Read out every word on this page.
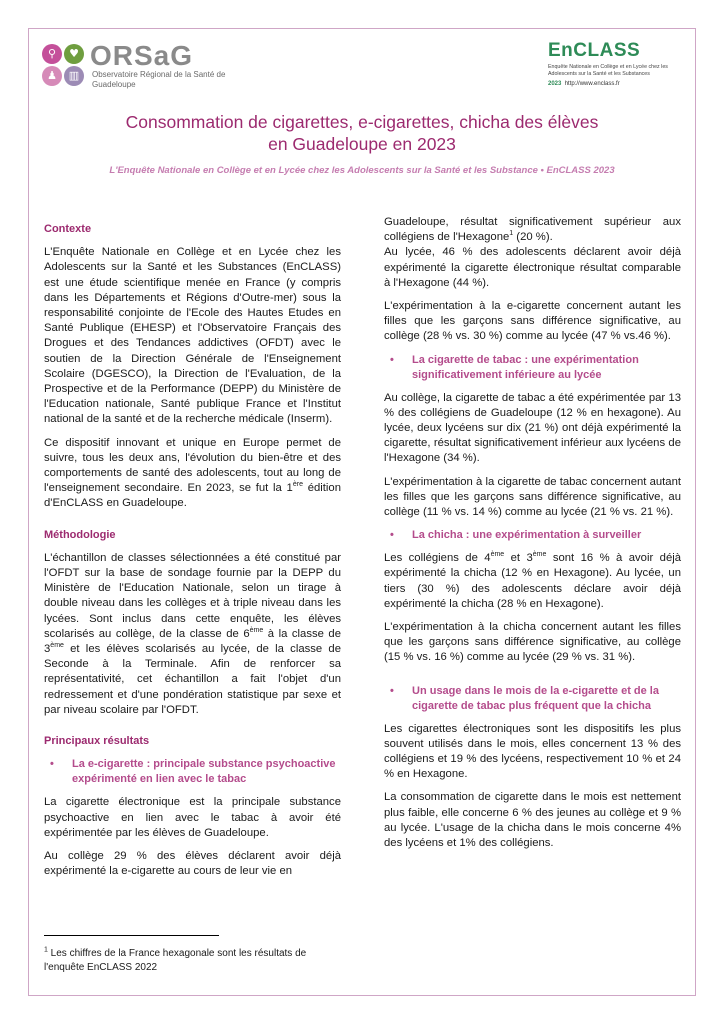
⚲	♥
♟	▥
ORSaG
Observatoire Régional de la Santé de Guadeloupe
EnCLASS
Enquête Nationale en Collège et en Lycée chez les Adolescents sur la Santé et les Substances
2023 http://www.enclass.fr
Consommation de cigarettes, e-cigarettes, chicha des élèves
en Guadeloupe en 2023
L'Enquête Nationale en Collège et en Lycée chez les Adolescents sur la Santé et les Substance • EnCLASS 2023
Contexte

L'Enquête Nationale en Collège et en Lycée chez les Adolescents sur la Santé et les Substances (EnCLASS) est une étude scientifique menée en France (y compris dans les Départements et Régions d'Outre-mer) sous la responsabilité conjointe de l'Ecole des Hautes Etudes en Santé Publique (EHESP) et l'Observatoire Français des Drogues et des Tendances addictives (OFDT) avec le soutien de la Direction Générale de l'Enseignement Scolaire (DGESCO), la Direction de l'Evaluation, de la Prospective et de la Performance (DEPP) du Ministère de l'Education nationale, Santé publique France et l'Institut national de la santé et de la recherche médicale (Inserm).

Ce dispositif innovant et unique en Europe permet de suivre, tous les deux ans, l'évolution du bien-être et des comportements de santé des adolescents, tout au long de l'enseignement secondaire. En 2023, se fut la 1ère édition d'EnCLASS en Guadeloupe.

Méthodologie

L'échantillon de classes sélectionnées a été constitué par l'OFDT sur la base de sondage fournie par la DEPP du Ministère de l'Education Nationale, selon un tirage à double niveau dans les collèges et à triple niveau dans les lycées. Sont inclus dans cette enquête, les élèves scolarisés au collège, de la classe de 6ème à la classe de 3ème et les élèves scolarisés au lycée, de la classe de Seconde à la Terminale. Afin de renforcer sa représentativité, cet échantillon a fait l'objet d'un redressement et d'une pondération statistique par sexe et par niveau scolaire par l'OFDT.

Principaux résultats
•	La e-cigarette : principale substance psychoactive expérimenté en lien avec le tabac

La cigarette électronique est la principale substance psychoactive en lien avec le tabac à avoir été expérimentée par les élèves de Guadeloupe.

Au collège 29 % des élèves déclarent avoir déjà expérimenté la e-cigarette au cours de leur vie en

Guadeloupe, résultat significativement supérieur aux collégiens de l'Hexagone$^1$ (20 %).

Au lycée, 46 % des adolescents déclarent avoir déjà expérimenté la cigarette électronique résultat comparable à l'Hexagone (44 %).

L'expérimentation à la e-cigarette concernent autant les filles que les garçons sans différence significative, au collège (28 % vs. 30 %) comme au lycée (47 % vs.46 %).

•	La cigarette de tabac : une expérimentation significativement inférieure au lycée

Au collège, la cigarette de tabac a été expérimentée par 13 % des collégiens de Guadeloupe (12 % en hexagone). Au lycée, deux lycéens sur dix (21 %) ont déjà expérimenté la cigarette, résultat significativement inférieur aux lycéens de l'Hexagone (34 %).

L'expérimentation à la cigarette de tabac concernent autant les filles que les garçons sans différence significative, au collège (11 % vs. 14 %) comme au lycée (21 % vs. 21 %).

•	La chicha : une expérimentation à surveiller

Les collégiens de 4ème et 3ème sont 16 % à avoir déjà expérimenté la chicha (12 % en Hexagone). Au lycée, un tiers (30 %) des adolescents déclare avoir déjà expérimenté la chicha (28 % en Hexagone).

L'expérimentation à la chicha concernent autant les filles que les garçons sans différence significative, au collège (15 % vs. 16 %) comme au lycée (29 % vs. 31 %).

•	Un usage dans le mois de la e-cigarette et de la cigarette de tabac plus fréquent que la chicha

Les cigarettes électroniques sont les dispositifs les plus souvent utilisés dans le mois, elles concernent 13 % des collégiens et 19 % des lycéens, respectivement 10 % et 24 % en Hexagone.

La consommation de cigarette dans le mois est nettement plus faible, elle concerne 6 % des jeunes au collège et 9 % au lycée. L'usage de la chicha dans le mois concerne 4% des lycéens et 1% des collégiens.

$^1$ Les chiffres de la France hexagonale sont les résultats de l'enquête EnCLASS 2022
